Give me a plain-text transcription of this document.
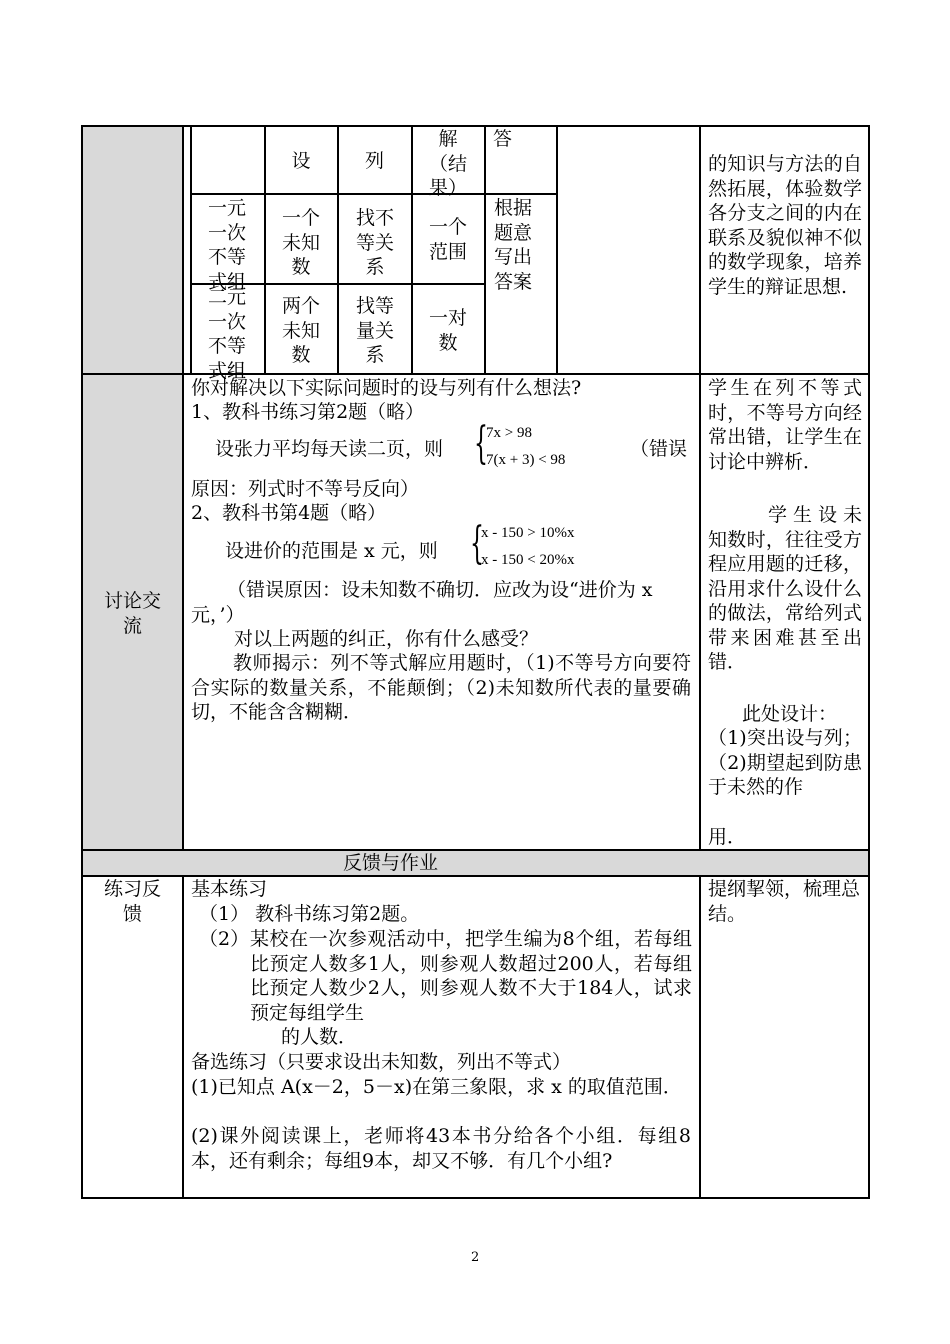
设	列
解（结果）
答
一元一次不等式组
一个未知数
找不等关系
一个范围
根据题意写出答案
二元一次不等式组
两个未知数
找等量关系
一对数
的知识与方法的自然拓展，体验数学各分支之间的内在联系及貌似神不似的数学现象，培养学生的辩证思想.
讨论交流
你对解决以下实际问题时的设与列有什么想法?
1、教科书练习第2题（略）
设张力平均每天读二页，则 {
7x > 98
7(x + 3) < 98	（错误
原因：列式时不等号反向）
2、教科书第4题（略）
设进价的范围是 x 元，则 {
x - 150 > 10%x
x - 150 < 20%x
（错误原因：设未知数不确切．应改为设“进价为 x 元，’）
对以上两题的纠正，你有什么感受？
教师揭示：列不等式解应用题时，（1)不等号方向要符合实际的数量关系，不能颠倒；（2)未知数所代表的量要确切，不能含含糊糊．
学生在列不等式时，不等号方向经常出错，让学生在讨论中辨析．
学生设未知数时，往往受方程应用题的迁移，沿用求什么设什么的做法，常给列式带来困难甚至出错．
此处设计：
（1)突出设与列；（2)期望起到防患于未然的作
用．
反馈与作业
练习反馈
基本练习
（1） 教科书练习第2题。
（2） 某校在一次参观活动中，把学生编为8个组，若每组比预定人数多1人，则参观人数超过200人，若每组比预定人数少2人，则参观人数不大于184人，试求预定每组学生
的人数．
备选练习（只要求设出未知数，列出不等式）
(1)已知点 A(x－2，5－x)在第三象限，求 x 的取值范围．
(2)课外阅读课上，老师将43本书分给各个小组．每组8本，还有剩余；每组9本，却又不够．有几个小组?
提纲挈领，梳理总结。
2
